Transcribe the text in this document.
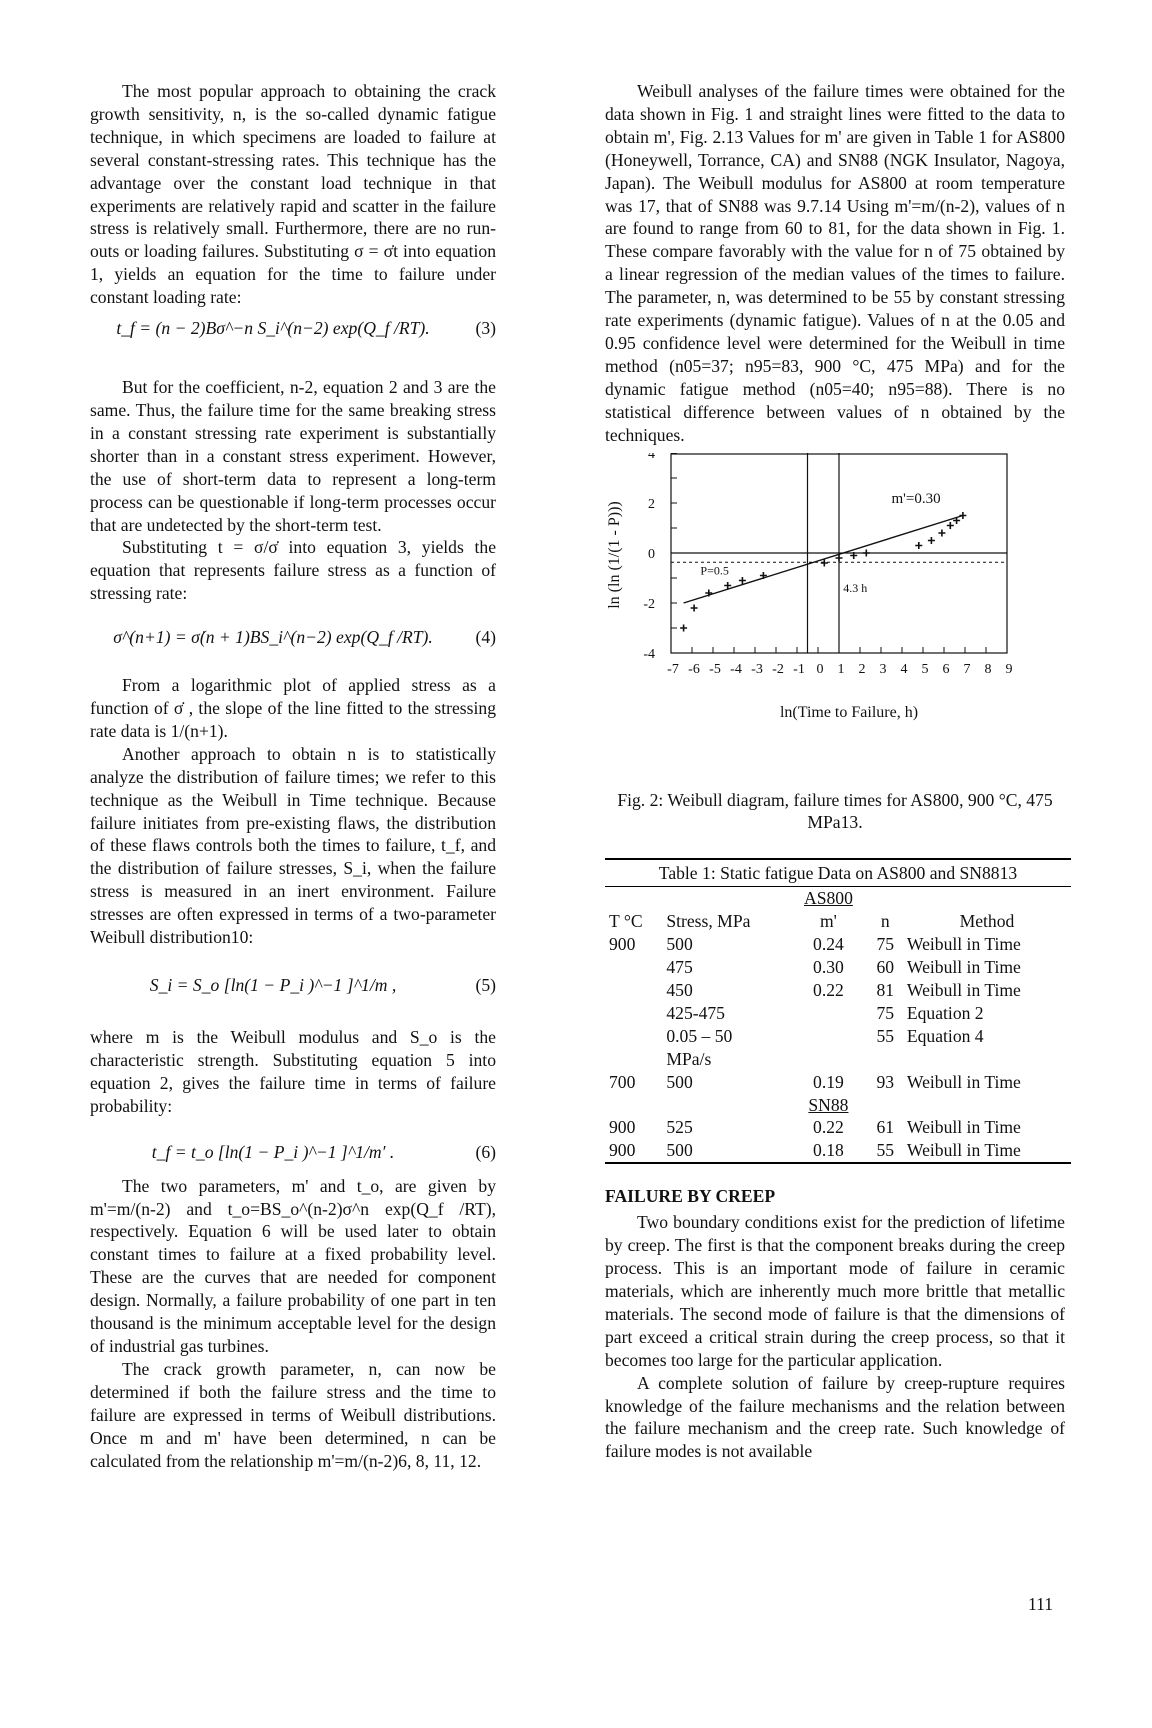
The most popular approach to obtaining the crack growth sensitivity, n, is the so-called dynamic fatigue technique, in which specimens are loaded to failure at several constant-stressing rates. This technique has the advantage over the constant load technique in that experiments are relatively rapid and scatter in the failure stress is relatively small. Furthermore, there are no run-outs or loading failures. Substituting σ = σ̇t into equation 1, yields an equation for the time to failure under constant loading rate:

t_f = (n − 2)Bσ^−n S_i^(n−2) exp(Q_f /RT).	(3)

But for the coefficient, n-2, equation 2 and 3 are the same. Thus, the failure time for the same breaking stress in a constant stressing rate experiment is substantially shorter than in a constant stress experiment. However, the use of short-term data to represent a long-term process can be questionable if long-term processes occur that are undetected by the short-term test.

Substituting t = σ/σ̇ into equation 3, yields the equation that represents failure stress as a function of stressing rate:

σ^(n+1) = σ̇(n + 1)BS_i^(n−2) exp(Q_f /RT).	(4)

From a logarithmic plot of applied stress as a function of σ̇ , the slope of the line fitted to the stressing rate data is 1/(n+1).

Another approach to obtain n is to statistically analyze the distribution of failure times; we refer to this technique as the Weibull in Time technique. Because failure initiates from pre-existing flaws, the distribution of these flaws controls both the times to failure, t_f, and the distribution of failure stresses, S_i, when the failure stress is measured in an inert environment. Failure stresses are often expressed in terms of a two-parameter Weibull distribution10:

S_i = S_o [ln(1 − P_i )^−1 ]^1/m ,	(5)

where m is the Weibull modulus and S_o is the characteristic strength. Substituting equation 5 into equation 2, gives the failure time in terms of failure probability:

t_f = t_o [ln(1 − P_i )^−1 ]^1/m′ .	(6)

The two parameters, m' and t_o, are given by m'=m/(n-2) and t_o=BS_o^(n-2)σ^n exp(Q_f /RT), respectively. Equation 6 will be used later to obtain constant times to failure at a fixed probability level. These are the curves that are needed for component design. Normally, a failure probability of one part in ten thousand is the minimum acceptable level for the design of industrial gas turbines.

The crack growth parameter, n, can now be determined if both the failure stress and the time to failure are expressed in terms of Weibull distributions. Once m and m' have been determined, n can be calculated from the relationship m'=m/(n-2)6, 8, 11, 12.

Weibull analyses of the failure times were obtained for the data shown in Fig. 1 and straight lines were fitted to the data to obtain m', Fig. 2.13 Values for m' are given in Table 1 for AS800 (Honeywell, Torrance, CA) and SN88 (NGK Insulator, Nagoya, Japan). The Weibull modulus for AS800 at room temperature was 17, that of SN88 was 9.7.14 Using m'=m/(n-2), values of n are found to range from 60 to 81, for the data shown in Fig. 1. These compare favorably with the value for n of 75 obtained by a linear regression of the median values of the times to failure. The parameter, n, was determined to be 55 by constant stressing rate experiments (dynamic fatigue). Values of n at the 0.05 and 0.95 confidence level were determined for the Weibull in time method (n05=37; n95=83, 900 °C, 475 MPa) and for the dynamic fatigue method (n05=40; n95=88). There is no statistical difference between values of n obtained by the techniques.

-7 -6 -5 -4 -3 -2 -1 0 1 2 3 4 5 6 7 8 9
4
2
0
-2
-4
m'=0.30
P=0.5
4.3 h
ln(Time to Failure, h)
ln (ln (1/(1 - P)))
Fig. 2: Weibull diagram, failure times for AS800, 900 °C, 475 MPa13.
Table 1: Static fatigue Data on AS800 and SN8813
		AS800		
T °C	Stress, MPa	m'	n	Method
900	500	0.24	75	Weibull in Time
	475	0.30	60	Weibull in Time
	450	0.22	81	Weibull in Time
	425-475		75	Equation 2
	0.05 – 50		55	Equation 4
	MPa/s			
700	500	0.19	93	Weibull in Time
		SN88		
900	525	0.22	61	Weibull in Time
900	500	0.18	55	Weibull in Time
FAILURE BY CREEP

Two boundary conditions exist for the prediction of lifetime by creep. The first is that the component breaks during the creep process. This is an important mode of failure in ceramic materials, which are inherently much more brittle that metallic materials. The second mode of failure is that the dimensions of part exceed a critical strain during the creep process, so that it becomes too large for the particular application.

A complete solution of failure by creep-rupture requires knowledge of the failure mechanisms and the relation between the failure mechanism and the creep rate. Such knowledge of failure modes is not available

111
